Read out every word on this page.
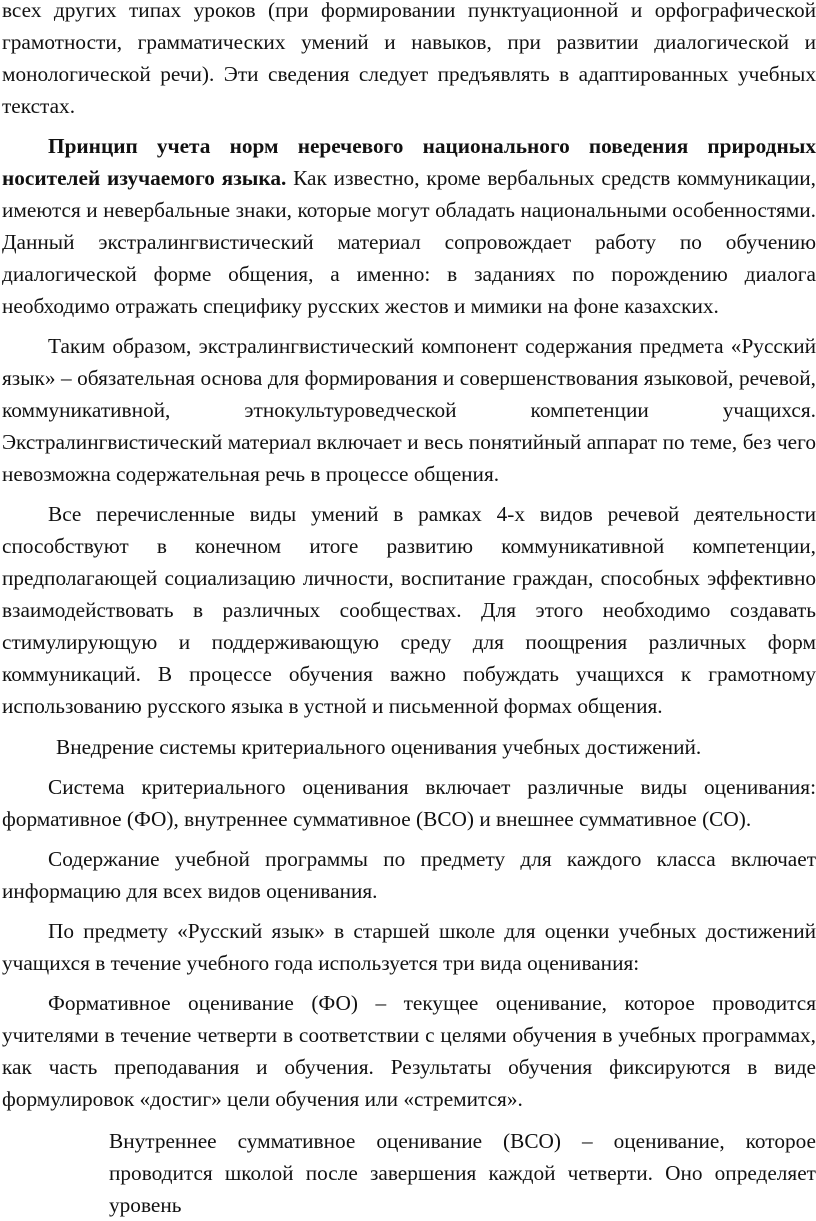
всех других типах уроков (при формировании пунктуационной и орфографической грамотности, грамматических умений и навыков, при развитии диалогической и монологической речи). Эти сведения следует предъявлять в адаптированных учебных текстах.

Принцип учета норм неречевого национального поведения природных носителей изучаемого языка. Как известно, кроме вербальных средств коммуникации, имеются и невербальные знаки, которые могут обладать национальными особенностями. Данный экстралингвистический материал сопровождает работу по обучению диалогической форме общения, а именно: в заданиях по порождению диалога необходимо отражать специфику русских жестов и мимики на фоне казахских.

Таким образом, экстралингвистический компонент содержания предмета «Русский язык» – обязательная основа для формирования и совершенствования языковой, речевой, коммуникативной, этнокультуроведческой компетенции учащихся. Экстралингвистический материал включает и весь понятийный аппарат по теме, без чего невозможна содержательная речь в процессе общения.

Все перечисленные виды умений в рамках 4-х видов речевой деятельности способствуют в конечном итоге развитию коммуникативной компетенции, предполагающей социализацию личности, воспитание граждан, способных эффективно взаимодействовать в различных сообществах. Для этого необходимо создавать стимулирующую и поддерживающую среду для поощрения различных форм коммуникаций. В процессе обучения важно побуждать учащихся к грамотному использованию русского языка в устной и письменной формах общения.

Внедрение системы критериального оценивания учебных достижений.

Система критериального оценивания включает различные виды оценивания: формативное (ФО), внутреннее суммативное (ВСО) и внешнее суммативное (СО).

Содержание учебной программы по предмету для каждого класса включает информацию для всех видов оценивания.

По предмету «Русский язык» в старшей школе для оценки учебных достижений учащихся в течение учебного года используется три вида оценивания:

Формативное оценивание (ФО) – текущее оценивание, которое проводится учителями в течение четверти в соответствии с целями обучения в учебных программах, как часть преподавания и обучения. Результаты обучения фиксируются в виде формулировок «достиг» цели обучения или «стремится».

Внутреннее суммативное оценивание (ВСО) – оценивание, которое проводится школой после завершения каждой четверти. Оно определяет уровень
